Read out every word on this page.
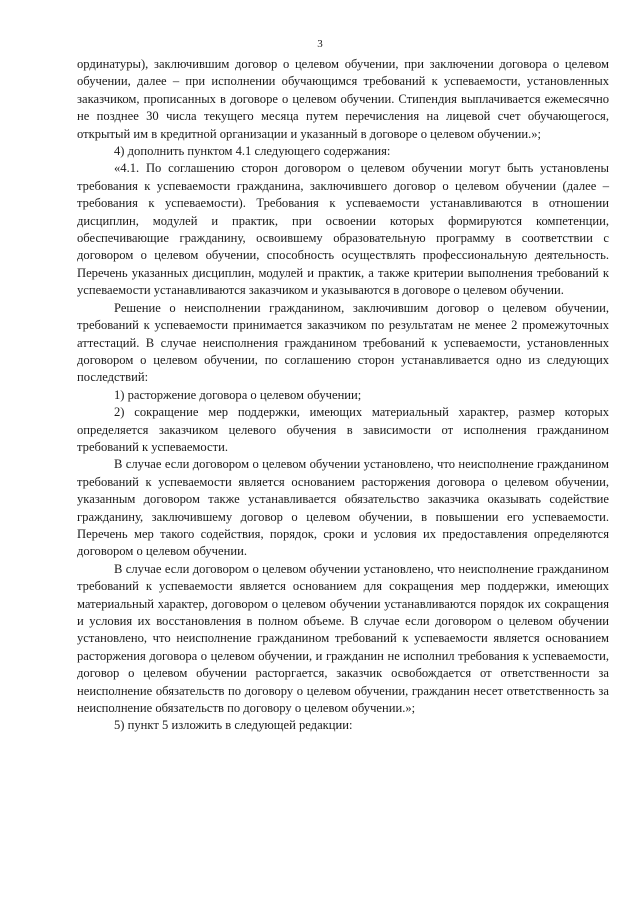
3

ординатуры), заключившим договор о целевом обучении, при заключении договора о целевом обучении, далее – при исполнении обучающимся требований к успеваемости, установленных заказчиком, прописанных в договоре о целевом обучении. Стипендия выплачивается ежемесячно не позднее 30 числа текущего месяца путем перечисления на лицевой счет обучающегося, открытый им в кредитной организации и указанный в договоре о целевом обучении.»;

4) дополнить пунктом 4.1 следующего содержания:

«4.1. По соглашению сторон договором о целевом обучении могут быть установлены требования к успеваемости гражданина, заключившего договор о целевом обучении (далее – требования к успеваемости). Требования к успеваемости устанавливаются в отношении дисциплин, модулей и практик, при освоении которых формируются компетенции, обеспечивающие гражданину, освоившему образовательную программу в соответствии с договором о целевом обучении, способность осуществлять профессиональную деятельность. Перечень указанных дисциплин, модулей и практик, а также критерии выполнения требований к успеваемости устанавливаются заказчиком и указываются в договоре о целевом обучении.

Решение о неисполнении гражданином, заключившим договор о целевом обучении, требований к успеваемости принимается заказчиком по результатам не менее 2 промежуточных аттестаций. В случае неисполнения гражданином требований к успеваемости, установленных договором о целевом обучении, по соглашению сторон устанавливается одно из следующих последствий:

1) расторжение договора о целевом обучении;

2) сокращение мер поддержки, имеющих материальный характер, размер которых определяется заказчиком целевого обучения в зависимости от исполнения гражданином требований к успеваемости.

В случае если договором о целевом обучении установлено, что неисполнение гражданином требований к успеваемости является основанием расторжения договора о целевом обучении, указанным договором также устанавливается обязательство заказчика оказывать содействие гражданину, заключившему договор о целевом обучении, в повышении его успеваемости. Перечень мер такого содействия, порядок, сроки и условия их предоставления определяются договором о целевом обучении.

В случае если договором о целевом обучении установлено, что неисполнение гражданином требований к успеваемости является основанием для сокращения мер поддержки, имеющих материальный характер, договором о целевом обучении устанавливаются порядок их сокращения и условия их восстановления в полном объеме. В случае если договором о целевом обучении установлено, что неисполнение гражданином требований к успеваемости является основанием расторжения договора о целевом обучении, и гражданин не исполнил требования к успеваемости, договор о целевом обучении расторгается, заказчик освобождается от ответственности за неисполнение обязательств по договору о целевом обучении, гражданин несет ответственность за неисполнение обязательств по договору о целевом обучении.»;

5) пункт 5 изложить в следующей редакции:
